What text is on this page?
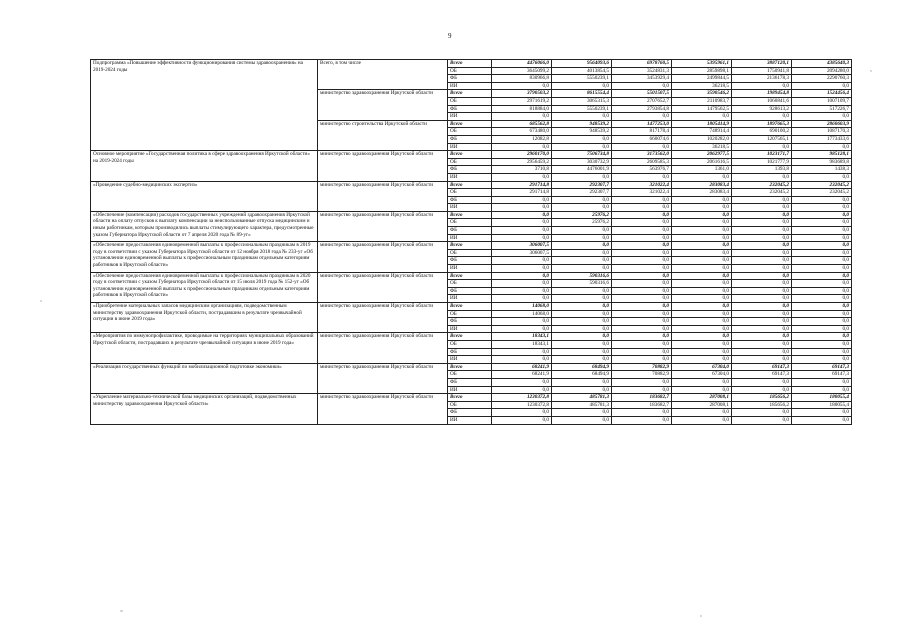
9
Подпрограмма «Повышение эффективности функционирования системы здравоохранения» на 2019-2024 годы	Всего, в том числе	Всего	4476066,0	9564093,6	6978760,5	5395961,1	3887120,1	4385640,3
		ОБ	3645099,2	4013854,5	3524831,3	2859898,1	1750941,8	2094280,0
		ФБ	830966,8	5550239,1	3453929,4	2499844,5	2136178,3	2290760,3
		ИИ	0,0	0,0	0,0	36218,5	0,0	0,0
	министерство здравоохранения Иркутской области	Всего	3790503,2	8615554,4	5501507,5	3590546,2	1989454,8	1524456,4
		ОБ	2971619,2	3065315,3	2707652,7	2110983,7	1060841,6	1007109,7
		ФБ	818884,0	5550239,1	2793854,8	1479562,5	928613,2	517226,7
		ИИ	0,0	0,0	0,0	0,0	0,0	0,0
	министерство строительства Иркутской области	Всего	685562,8	948539,2	1477253,0	1805414,9	1897665,3	2860603,9
		ОБ	673480,0	948539,2	817178,4	748914,4	690100,2	1087170,3
		ФБ	12082,8	0,0	660074,6	1020282,0	1207565,1	1773433,6
		ИИ	0,0	0,0	0,0	36218,5	0,0	0,0
Основное мероприятие «Государственная политика в сфере здравоохранения Иркутской области» на 2019-2024 годы	министерство здравоохранения Иркутской области	Всего	2960170,0	7506734,8	3173562,0	2062977,5	1023171,7	985128,1
		ОБ	2956459,2	3030732,9	2609585,3	2061616,5	1021777,9	983689,8
		ФБ	3710,8	4476001,9	563976,7	1361,0	1393,8	1438,3
		ИИ	0,0	0,0	0,0	0,0	0,0	0,0
«Проведение судебно-медицинских экспертиз»	министерство здравоохранения Иркутской области	Всего	291714,8	292307,7	321022,4	283083,4	232045,2	232045,2
		ОБ	291714,8	292307,7	321022,4	283083,4	232045,2	232045,2
		ФБ	0,0	0,0	0,0	0,0	0,0	0,0
		ИИ	0,0	0,0	0,0	0,0	0,0	0,0
«Обеспечение (компенсации) расходов государственных учреждений здравоохранения Иркутской области на оплату отпусков к выплату компенсации за неиспользованные отпуска медицинским и иным работникам, которым производились выплаты стимулирующего характера, предусмотренные указом Губернатора Иркутской области от 7 апреля 2020 года № 89-уг»	министерство здравоохранения Иркутской области	Всего	0,0	25976,2	0,0	0,0	0,0	0,0
		ОБ	0,0	25976,2	0,0	0,0	0,0	0,0
		ФБ	0,0	0,0	0,0	0,0	0,0	0,0
		ИИ	0,0	0,0	0,0	0,0	0,0	0,0
«Обеспечение предоставления единовременной выплаты к профессиональным праздникам в 2019 году в соответствии с указом Губернатора Иркутской области от 12 ноября 2018 года № 233-уг «Об установлении единовременной выплаты к профессиональным праздникам отдельным категориям работников в Иркутской области»	министерство здравоохранения Иркутской области	Всего	306007,5	0,0	0,0	0,0	0,0	0,0
		ОБ	306007,5	0,0	0,0	0,0	0,0	0,0
		ФБ	0,0	0,0	0,0	0,0	0,0	0,0
		ИИ	0,0	0,0	0,0	0,0	0,0	0,0
«Обеспечение предоставления единовременной выплаты к профессиональным праздникам в 2020 году в соответствии с указом Губернатора Иркутской области от 15 июля 2019 года № 152-уг «Об установлении единовременной выплаты к профессиональным праздникам отдельным категориям работников в Иркутской области»	министерство здравоохранения Иркутской области	Всего	0,0	590316,6	0,0	0,0	0,0	0,0
		ОБ	0,0	590316,6	0,0	0,0	0,0	0,0
		ФБ	0,0	0,0	0,0	0,0	0,0	0,0
		ИИ	0,0	0,0	0,0	0,0	0,0	0,0
«Приобретение материальных запасов медицинским организациям, подведомственным министерству здравоохранения Иркутской области, пострадавшим в результате чрезвычайной ситуации в июне 2019 года»	министерство здравоохранения Иркутской области	Всего	14068,0	0,0	0,0	0,0	0,0	0,0
		ОБ	14068,0	0,0	0,0	0,0	0,0	0,0
		ФБ	0,0	0,0	0,0	0,0	0,0	0,0
		ИИ	0,0	0,0	0,0	0,0	0,0	0,0
«Мероприятия по иммунопрофилактике, проводимые на территориях муниципальных образований Иркутской области, пострадавших в результате чрезвычайной ситуации в июне 2019 года»	министерство здравоохранения Иркутской области	Всего	18343,1	0,0	0,0	0,0	0,0	0,0
		ОБ	18343,1	0,0	0,0	0,0	0,0	0,0
		ФБ	0,0	0,0	0,0	0,0	0,0	0,0
		ИИ	0,0	0,0	0,0	0,0	0,0	0,0
«Реализация государственных функций по мобилизационной подготовке экономики»	министерство здравоохранения Иркутской области	Всего	68241,9	68494,9	70882,9	67304,0	69147,3	69147,3
		ОБ	68241,9	68494,9	70882,9	67304,0	69147,3	69147,3
		ФБ	0,0	0,0	0,0	0,0	0,0	0,0
		ИИ	0,0	0,0	0,0	0,0	0,0	0,0
«Укрепление материально-технической базы медицинских организаций, подведомственных министерству здравоохранения Иркутской области»	министерство здравоохранения Иркутской области	Всего	1230372,8	485781,3	183682,7	287008,1	185656,2	180055,4
		ОБ	1230372,8	485781,3	183682,7	287008,1	185656,2	180055,4
		ФБ	0,0	0,0	0,0	0,0	0,0	0,0
		ИИ	0,0	0,0	0,0	0,0	0,0	0,0
